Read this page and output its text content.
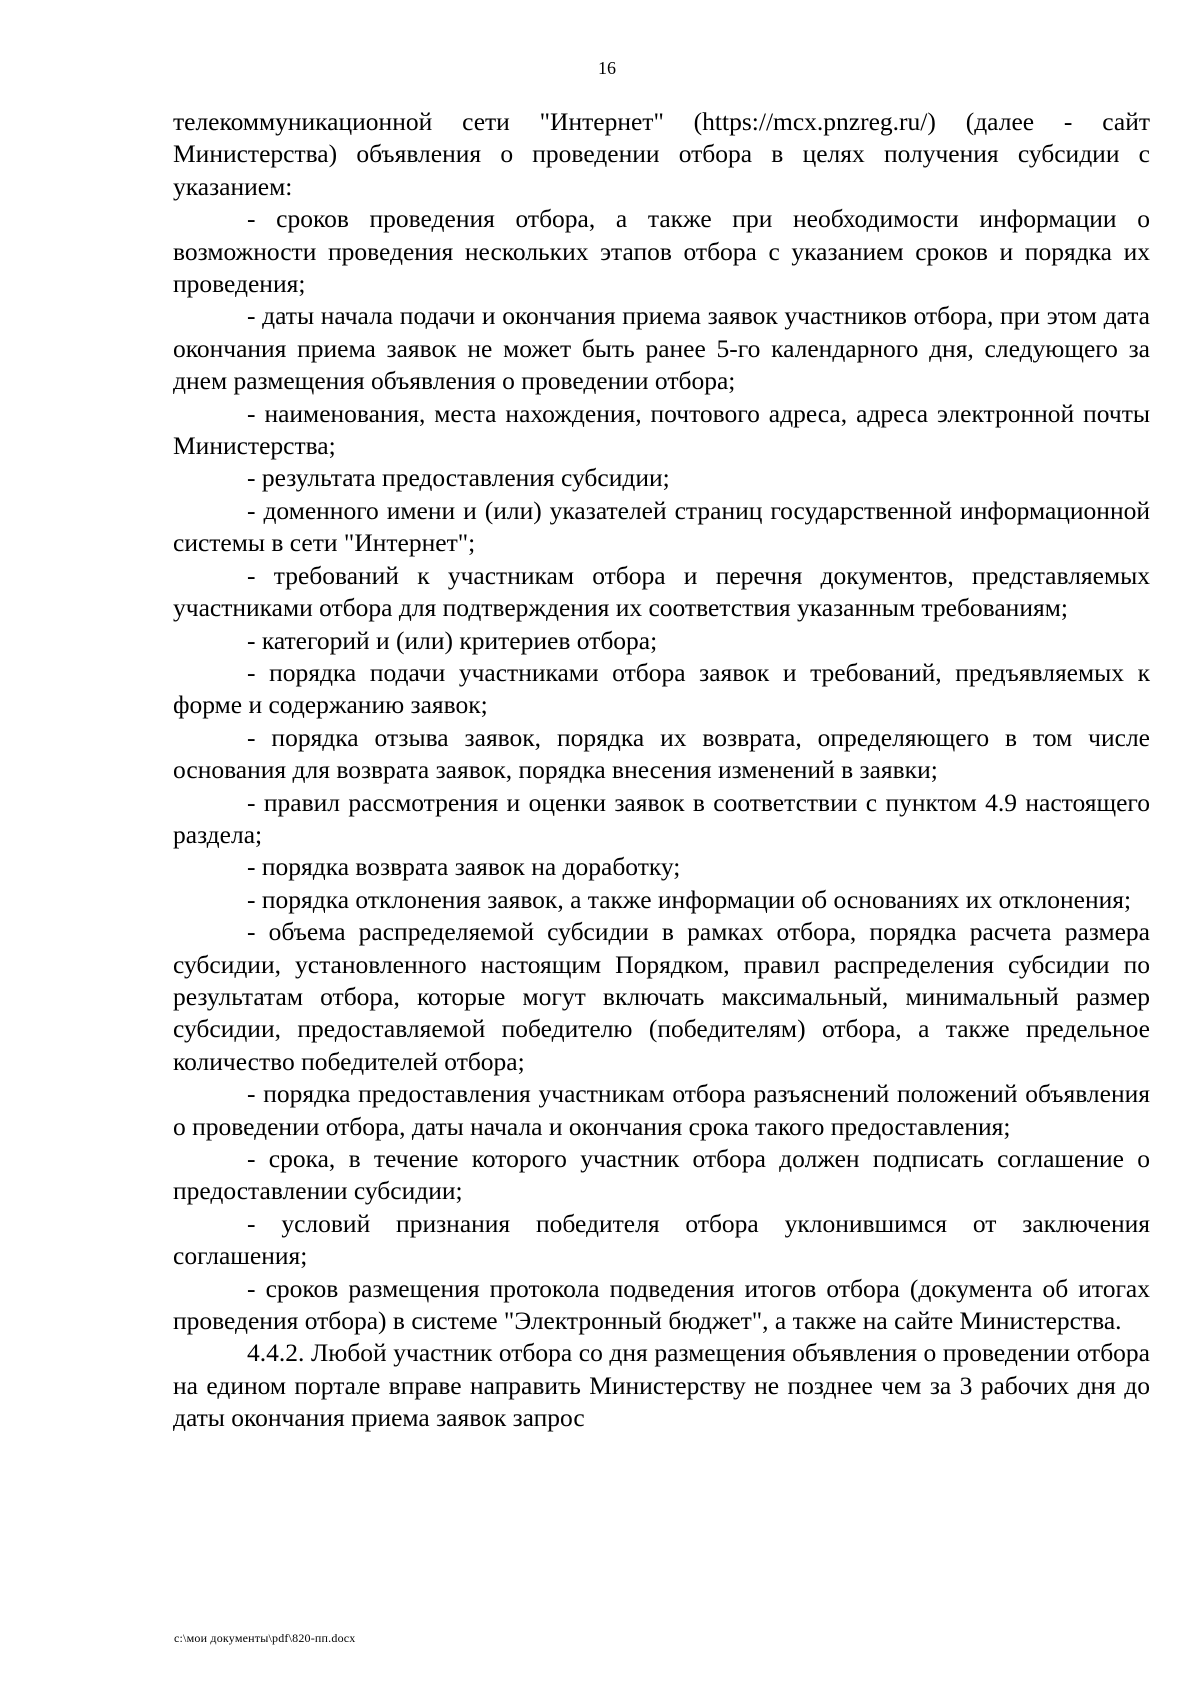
16

телекоммуникационной сети "Интернет" (https://mcx.pnzreg.ru/) (далее - сайт Министерства) объявления о проведении отбора в целях получения субсидии с указанием:

- сроков проведения отбора, а также при необходимости информации о возможности проведения нескольких этапов отбора с указанием сроков и порядка их проведения;

- даты начала подачи и окончания приема заявок участников отбора, при этом дата окончания приема заявок не может быть ранее 5-го календарного дня, следующего за днем размещения объявления о проведении отбора;

- наименования, места нахождения, почтового адреса, адреса электронной почты Министерства;

- результата предоставления субсидии;

- доменного имени и (или) указателей страниц государственной информационной системы в сети "Интернет";

- требований к участникам отбора и перечня документов, представляемых участниками отбора для подтверждения их соответствия указанным требованиям;

- категорий и (или) критериев отбора;

- порядка подачи участниками отбора заявок и требований, предъявляемых к форме и содержанию заявок;

- порядка отзыва заявок, порядка их возврата, определяющего в том числе основания для возврата заявок, порядка внесения изменений в заявки;

- правил рассмотрения и оценки заявок в соответствии с пунктом 4.9 настоящего раздела;

- порядка возврата заявок на доработку;

- порядка отклонения заявок, а также информации об основаниях их отклонения;

- объема распределяемой субсидии в рамках отбора, порядка расчета размера субсидии, установленного настоящим Порядком, правил распределения субсидии по результатам отбора, которые могут включать максимальный, минимальный размер субсидии, предоставляемой победителю (победителям) отбора, а также предельное количество победителей отбора;

- порядка предоставления участникам отбора разъяснений положений объявления о проведении отбора, даты начала и окончания срока такого предоставления;

- срока, в течение которого участник отбора должен подписать соглашение о предоставлении субсидии;

- условий признания победителя отбора уклонившимся от заключения соглашения;

- сроков размещения протокола подведения итогов отбора (документа об итогах проведения отбора) в системе "Электронный бюджет", а также на сайте Министерства.

4.4.2. Любой участник отбора со дня размещения объявления о проведении отбора на едином портале вправе направить Министерству не позднее чем за 3 рабочих дня до даты окончания приема заявок запрос

c:\мои документы\pdf\820-пп.docx
